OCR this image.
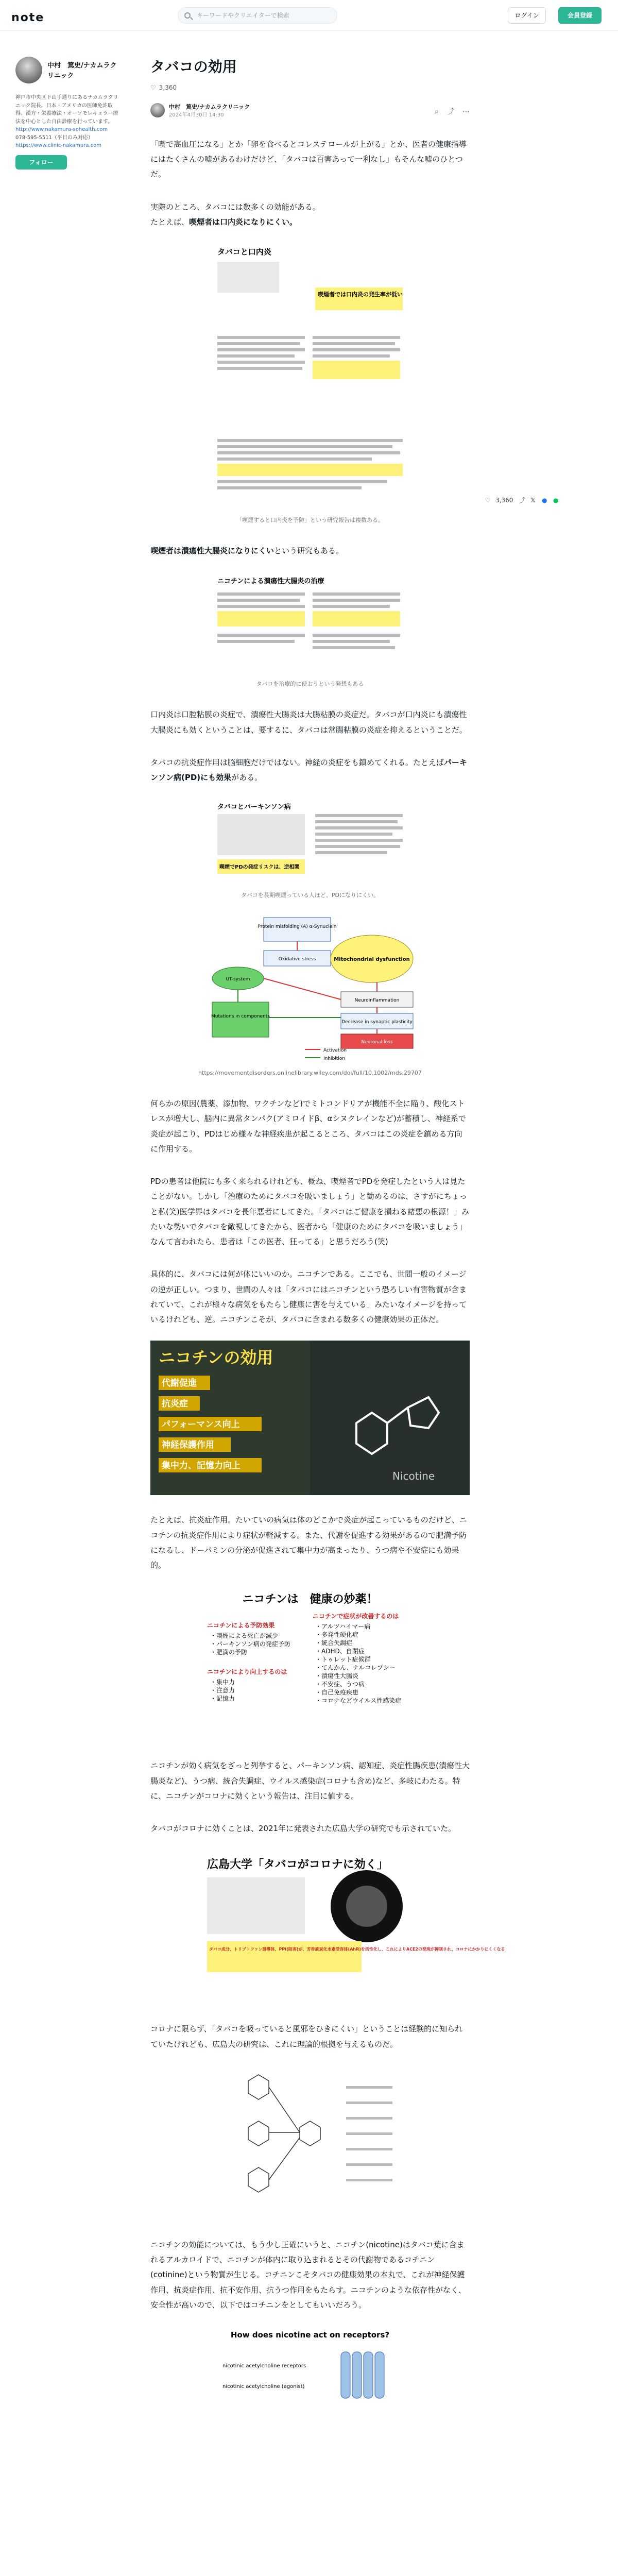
note	キーワードやクリエイターで検索	ログイン	会員登録
中村　篤史/ナカムラクリニック
神戸市中央区下山手通りにあるナカムラクリニック院長。日本・アメリカの医師免許取得。漢方・栄養療法・オーソモレキュラー療法を中心とした自由診療を行っています。
http://www.nakamura-sohealth.com
078-595-5511（平日のみ対応）
https://www.clinic-nakamura.com
フォロー
♡ 3,360 ⤴ 𝕏 ● ●
タバコの効用
♡ 3,360
中村　篤史/ナカムラクリニック
2024年4月30日 14:30	⌕ ⤴ ⋯

「喫で高血圧になる」とか「卵を食べるとコレステロールが上がる」とか、医者の健康指導にはたくさんの嘘があるわけだけど、「タバコは百害あって一利なし」もそんな嘘のひとつだ。

実際のところ、タバコには数多くの効能がある。
たとえば、喫煙者は口内炎になりにくい。

タバコと口内炎
喫煙者では口内炎の発生率が低い
「喫煙すると口内炎を予防」という研究報告は複数ある。

喫煙者は潰瘍性大腸炎になりにくいという研究もある。

ニコチンによる潰瘍性大腸炎の治療
タバコを治療的に使おうという発想もある

口内炎は口腔粘膜の炎症で、潰瘍性大腸炎は大腸粘膜の炎症だ。タバコが口内炎にも潰瘍性大腸炎にも効くということは、要するに、タバコは常腸粘膜の炎症を抑えるということだ。

タバコの抗炎症作用は脳細胞だけではない。神経の炎症をも鎮めてくれる。たとえばパーキンソン病(PD)にも効果がある。

タバコとパーキンソン病
喫煙でPDの発症リスクは、逆相関
タバコを長期喫煙っている人ほど、PDになりにくい。
Protein misfolding (A) α-Synuclein
Oxidative stress	Mitochondrial dysfunction
UT-system
Neuroinflammation
Mutations in components
Decrease in synaptic plasticity
Neuronal loss
Activation
Inhibition
https://movementdisorders.onlinelibrary.wiley.com/doi/full/10.1002/mds.29707

何らかの原因(農薬、添加物、ワクチンなど)でミトコンドリアが機能不全に陥り、酸化ストレスが増大し、脳内に異常タンパク(アミロイドβ、αシヌクレインなど)が蓄積し、神経系で炎症が起こり、PDはじめ様々な神経疾患が起こるところ、タバコはこの炎症を鎮める方向に作用する。

PDの患者は他院にも多く来られるけれども、概ね、喫煙者でPDを発症したという人は見たことがない。しかし「治療のためにタバコを吸いましょう」と勧めるのは、さすがにちょっと私(笑)医学界はタバコを長年悪者にしてきた。「タバコはご健康を損ねる諸悪の根源！」みたいな勢いでタバコを敵視してきたから、医者から「健康のためにタバコを吸いましょう」なんて言われたら、患者は「この医者、狂ってる」と思うだろう(笑)

具体的に、タバコには何が体にいいのか。ニコチンである。ここでも、世間一般のイメージの逆が正しい。つまり、世間の人々は「タバコにはニコチンという恐ろしい有害物質が含まれていて、これが様々な病気をもたらし健康に害を与えている」みたいなイメージを持っているけれども、逆。ニコチンこそが、タバコに含まれる数多くの健康効果の正体だ。

ニコチンの効用
代謝促進
抗炎症
パフォーマンス向上
神経保護作用
集中力、記憶力向上
Nicotine

たとえば、抗炎症作用。たいていの病気は体のどこかで炎症が起こっているものだけど、ニコチンの抗炎症作用により症状が軽減する。また、代謝を促進する効果があるので肥満予防になるし、ドーパミンの分泌が促進されて集中力が高まったり、うつ病や不安症にも効果的。

ニコチンは　健康の妙薬！
ニコチンによる予防効果
・喫煙による死亡が減少
・パーキンソン病の発症予防
・肥満の予防
ニコチンにより向上するのは
・集中力
・注意力
・記憶力
ニコチンで症状が改善するのは
・アルツハイマー病
・多発性硬化症
・統合失調症
・ADHD、自閉症
・トゥレット症候群
・てんかん、ナルコレプシー
・潰瘍性大腸炎
・不安症、うつ病
・自己免疫疾患
・コロナなどウイルス性感染症

ニコチンが効く病気をざっと列挙すると、パーキンソン病、認知症、炎症性腸疾患(潰瘍性大腸炎など)、うつ病、統合失調症、ウイルス感染症(コロナも含め)など、多岐にわたる。特に、ニコチンがコロナに効くという報告は、注目に値する。

タバコがコロナに効くことは、2021年に発表された広島大学の研究でも示されていた。

広島大学「タバコがコロナに効く」
タバコ成分、トリプトファン誘導体、PPI(阻害)が、芳香族炭化水素受容体(AhR)を活性化し、これによりACE2の発現が抑制され、コロナにかかりにくくなる

コロナに限らず、「タバコを吸っていると風邪をひきにくい」ということは経験的に知られていたけれども、広島大の研究は、これに理論的根拠を与えるものだ。

ニコチンの効能については、もう少し正確にいうと、ニコチン(nicotine)はタバコ葉に含まれるアルカロイドで、ニコチンが体内に取り込まれるとその代謝物であるコチニン(cotinine)という物質が生じる。コチニンこそタバコの健康効果の本丸で、これが神経保護作用、抗炎症作用、抗不安作用、抗うつ作用をもたらす。ニコチンのような依存性がなく、安全性が高いので、以下ではコチニンをとしてもいいだろう。

How does nicotine act on receptors?
nicotinic acetylcholine receptors
nicotinic acetylcholine (agonist)
